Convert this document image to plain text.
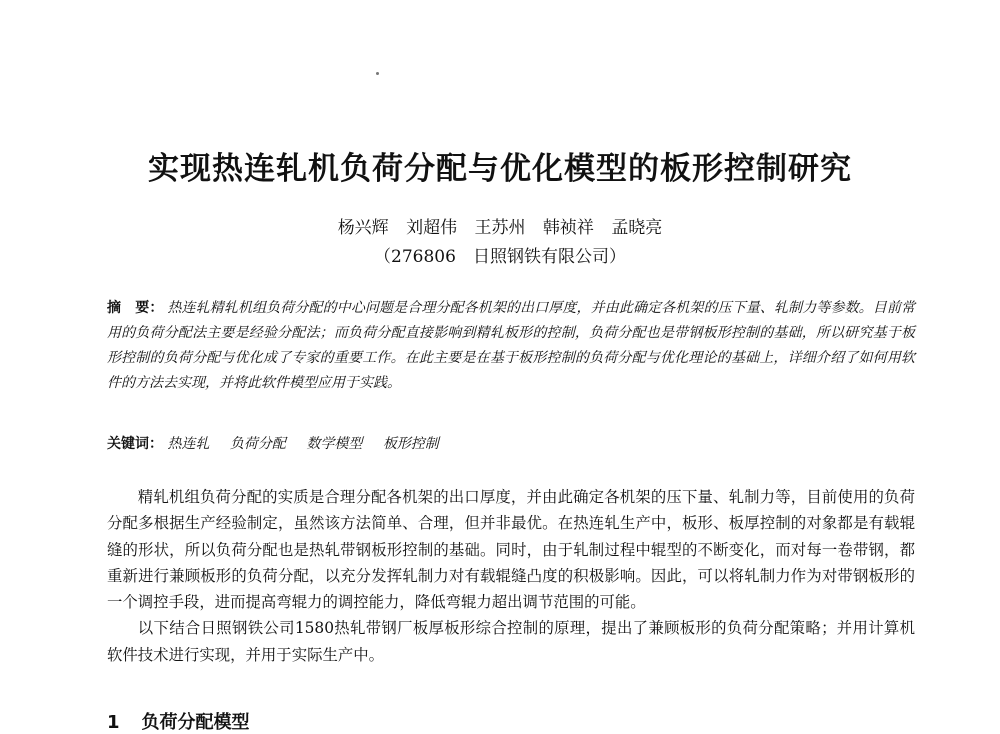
实现热连轧机负荷分配与优化模型的板形控制研究
杨兴辉 刘超伟 王苏州 韩祯祥 孟晓亮
（276806　日照钢铁有限公司）
摘　要： 热连轧精轧机组负荷分配的中心问题是合理分配各机架的出口厚度，并由此确定各机架的压下量、轧制力等参数。目前常用的负荷分配法主要是经验分配法；而负荷分配直接影响到精轧板形的控制，负荷分配也是带钢板形控制的基础，所以研究基于板形控制的负荷分配与优化成了专家的重要工作。在此主要是在基于板形控制的负荷分配与优化理论的基础上，详细介绍了如何用软件的方法去实现，并将此软件模型应用于实践。
关键词： 热连轧 负荷分配 数学模型 板形控制

精轧机组负荷分配的实质是合理分配各机架的出口厚度，并由此确定各机架的压下量、轧制力等，目前使用的负荷分配多根据生产经验制定，虽然该方法简单、合理，但并非最优。在热连轧生产中，板形、板厚控制的对象都是有载辊缝的形状，所以负荷分配也是热轧带钢板形控制的基础。同时，由于轧制过程中辊型的不断变化，而对每一卷带钢，都重新进行兼顾板形的负荷分配，以充分发挥轧制力对有载辊缝凸度的积极影响。因此，可以将轧制力作为对带钢板形的一个调控手段，进而提高弯辊力的调控能力，降低弯辊力超出调节范围的可能。

以下结合日照钢铁公司1580热轧带钢厂板厚板形综合控制的原理，提出了兼顾板形的负荷分配策略；并用计算机软件技术进行实现，并用于实际生产中。

1 负荷分配模型
